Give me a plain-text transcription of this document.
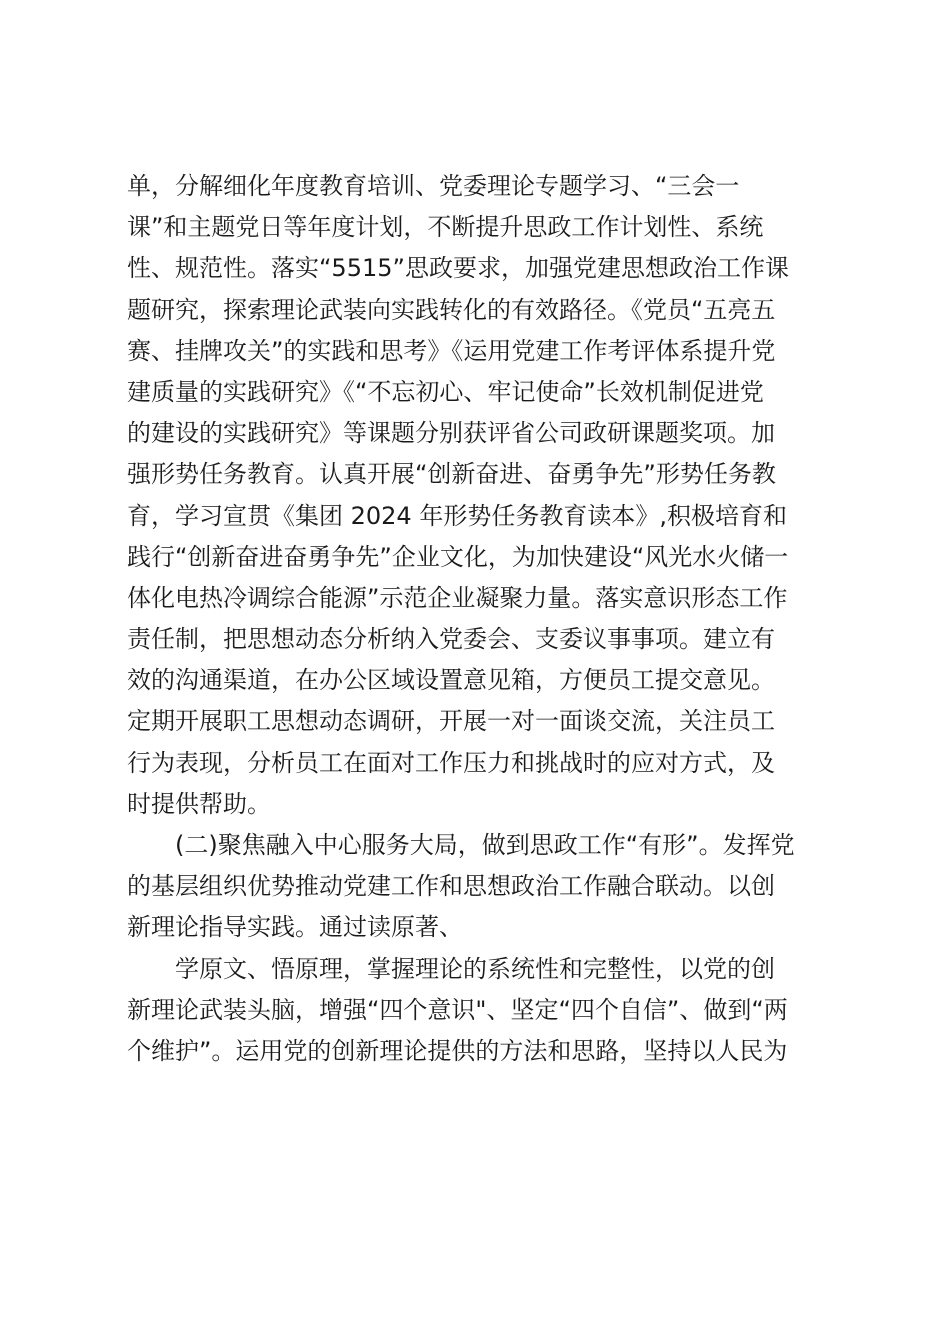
单，分解细化年度教育培训、党委理论专题学习、“三会一
课”和主题党日等年度计划，不断提升思政工作计划性、系统
性、规范性。落实“5515”思政要求，加强党建思想政治工作课
题研究，探索理论武装向实践转化的有效路径。《党员“五亮五
赛、挂牌攻关”的实践和思考》《运用党建工作考评体系提升党
建质量的实践研究》《“不忘初心、牢记使命”长效机制促进党
的建设的实践研究》等课题分别获评省公司政研课题奖项。加
强形势任务教育。认真开展“创新奋进、奋勇争先”形势任务教
育，学习宣贯《集团 2024 年形势任务教育读本》,积极培育和
践行“创新奋进奋勇争先”企业文化，为加快建设“风光水火储一
体化电热冷调综合能源”示范企业凝聚力量。落实意识形态工作
责任制，把思想动态分析纳入党委会、支委议事事项。建立有
效的沟通渠道，在办公区域设置意见箱，方便员工提交意见。
定期开展职工思想动态调研，开展一对一面谈交流，关注员工
行为表现，分析员工在面对工作压力和挑战时的应对方式，及
时提供帮助。
(二)聚焦融入中心服务大局，做到思政工作“有形”。发挥党
的基层组织优势推动党建工作和思想政治工作融合联动。以创
新理论指导实践。通过读原著、
学原文、悟原理，掌握理论的系统性和完整性，以党的创
新理论武装头脑，增强“四个意识"、坚定“四个自信”、做到“两
个维护”。运用党的创新理论提供的方法和思路，坚持以人民为
